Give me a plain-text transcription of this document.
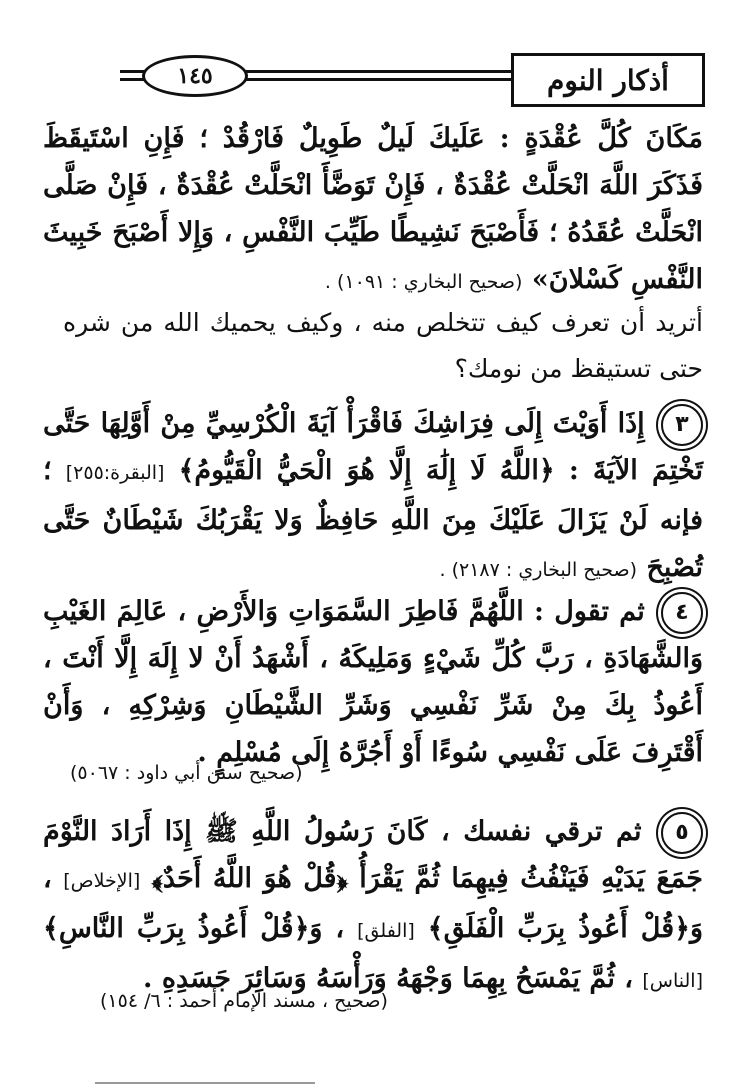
١٤٥	أذكار النوم
مَكَانَ كُلَّ عُقْدَةٍ : عَلَيكَ لَيلٌ طَوِيلٌ فَارْقُدْ ؛ فَإِنِ اسْتَيقَظَ فَذَكَرَ اللَّهَ انْحَلَّتْ عُقْدَةٌ ، فَإِنْ تَوَضَّأَ انْحَلَّتْ عُقْدَةٌ ، فَإِنْ صَلَّى انْحَلَّتْ عُقَدُهُ ؛ فَأَصْبَحَ نَشِيطًا طَيِّبَ النَّفْسِ ، وَإِلا أَصْبَحَ خَبِيثَ النَّفْسِ كَسْلانَ» (صحيح البخاري : ١٠٩١) .
أتريد أن تعرف كيف تتخلص منه ، وكيف يحميك الله من شره حتى تستيقظ من نومك؟
٣ إِذَا أَوَيْتَ إِلَى فِرَاشِكَ فَاقْرَأْ آيَةَ الْكُرْسِيِّ مِنْ أَوَّلِهَا حَتَّى تَخْتِمَ الآيَةَ : ﴿اللَّهُ لَا إِلَٰهَ إِلَّا هُوَ الْحَيُّ الْقَيُّومُ﴾ [البقرة:٢٥٥] ؛ فإنه لَنْ يَزَالَ عَلَيْكَ مِنَ اللَّهِ حَافِظٌ وَلا يَقْرَبُكَ شَيْطَانٌ حَتَّى تُصْبِحَ (صحيح البخاري : ٢١٨٧) .
٤ ثم تقول : اللَّهُمَّ فَاطِرَ السَّمَوَاتِ وَالأَرْضِ ، عَالِمَ الغَيْبِ وَالشَّهَادَةِ ، رَبَّ كُلِّ شَيْءٍ وَمَلِيكَهُ ، أَشْهَدُ أَنْ لا إِلَهَ إِلَّا أَنْتَ ، أَعُوذُ بِكَ مِنْ شَرِّ نَفْسِي وَشَرِّ الشَّيْطَانِ وَشِرْكِهِ ، وَأَنْ أَقْتَرِفَ عَلَى نَفْسِي سُوءًا أَوْ أَجُرَّهُ إِلَى مُسْلِمٍ .
(صحيح سنن أبي داود : ٥٠٦٧)
٥ ثم ترقي نفسك ، كَانَ رَسُولُ اللَّهِ ﷺ إِذَا أَرَادَ النَّوْمَ جَمَعَ يَدَيْهِ فَيَنْفُثُ فِيهِمَا ثُمَّ يَقْرَأُ ﴿قُلْ هُوَ اللَّهُ أَحَدٌ﴾ [الإخلاص] ، وَ﴿قُلْ أَعُوذُ بِرَبِّ الْفَلَقِ﴾ [الفلق] ، وَ﴿قُلْ أَعُوذُ بِرَبِّ النَّاسِ﴾ [الناس] ، ثُمَّ يَمْسَحُ بِهِمَا وَجْهَهُ وَرَأْسَهُ وَسَائِرَ جَسَدِهِ .
(صحيح ، مسند الإمام أحمد : ٦/ ١٥٤)
